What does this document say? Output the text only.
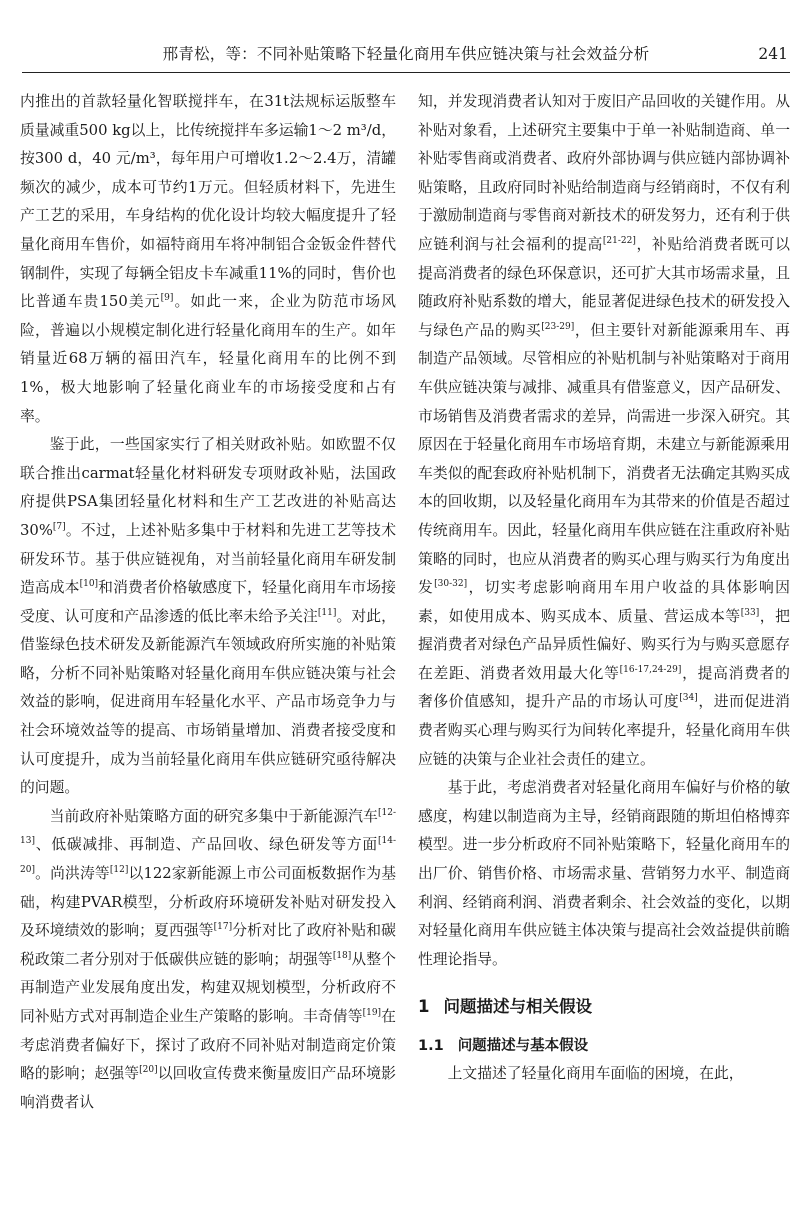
邢青松，等：不同补贴策略下轻量化商用车供应链决策与社会效益分析	241

内推出的首款轻量化智联搅拌车，在31t法规标运版整车质量减重500 kg以上，比传统搅拌车多运输1～2 m³/d，按300 d，40 元/m³，每年用户可增收1.2～2.4万，清罐频次的减少，成本可节约1万元。但轻质材料下，先进生产工艺的采用，车身结构的优化设计均较大幅度提升了轻量化商用车售价，如福特商用车将冲制铝合金钣金件替代钢制件，实现了每辆全铝皮卡车减重11%的同时，售价也比普通车贵150美元[9]。如此一来，企业为防范市场风险，普遍以小规模定制化进行轻量化商用车的生产。如年销量近68万辆的福田汽车，轻量化商用车的比例不到1%，极大地影响了轻量化商业车的市场接受度和占有率。

鉴于此，一些国家实行了相关财政补贴。如欧盟不仅联合推出carmat轻量化材料研发专项财政补贴，法国政府提供PSA集团轻量化材料和生产工艺改进的补贴高达30%[7]。不过，上述补贴多集中于材料和先进工艺等技术研发环节。基于供应链视角，对当前轻量化商用车研发制造高成本[10]和消费者价格敏感度下，轻量化商用车市场接受度、认可度和产品渗透的低比率未给予关注[11]。对此，借鉴绿色技术研发及新能源汽车领域政府所实施的补贴策略，分析不同补贴策略对轻量化商用车供应链决策与社会效益的影响，促进商用车轻量化水平、产品市场竞争力与社会环境效益等的提高、市场销量增加、消费者接受度和认可度提升，成为当前轻量化商用车供应链研究亟待解决的问题。

当前政府补贴策略方面的研究多集中于新能源汽车[12-13]、低碳减排、再制造、产品回收、绿色研发等方面[14-20]。尚洪涛等[12]以122家新能源上市公司面板数据作为基础，构建PVAR模型，分析政府环境研发补贴对研发投入及环境绩效的影响；夏西强等[17]分析对比了政府补贴和碳税政策二者分别对于低碳供应链的影响；胡强等[18]从整个再制造产业发展角度出发，构建双规划模型，分析政府不同补贴方式对再制造企业生产策略的影响。丰奇倩等[19]在考虑消费者偏好下，探讨了政府不同补贴对制造商定价策略的影响；赵强等[20]以回收宣传费来衡量废旧产品环境影响消费者认

知，并发现消费者认知对于废旧产品回收的关键作用。从补贴对象看，上述研究主要集中于单一补贴制造商、单一补贴零售商或消费者、政府外部协调与供应链内部协调补贴策略，且政府同时补贴给制造商与经销商时，不仅有利于激励制造商与零售商对新技术的研发努力，还有利于供应链利润与社会福利的提高[21-22]，补贴给消费者既可以提高消费者的绿色环保意识，还可扩大其市场需求量，且随政府补贴系数的增大，能显著促进绿色技术的研发投入与绿色产品的购买[23-29]，但主要针对新能源乘用车、再制造产品领域。尽管相应的补贴机制与补贴策略对于商用车供应链决策与减排、减重具有借鉴意义，因产品研发、市场销售及消费者需求的差异，尚需进一步深入研究。其原因在于轻量化商用车市场培育期，未建立与新能源乘用车类似的配套政府补贴机制下，消费者无法确定其购买成本的回收期，以及轻量化商用车为其带来的价值是否超过传统商用车。因此，轻量化商用车供应链在注重政府补贴策略的同时，也应从消费者的购买心理与购买行为角度出发[30-32]，切实考虑影响商用车用户收益的具体影响因素，如使用成本、购买成本、质量、营运成本等[33]，把握消费者对绿色产品异质性偏好、购买行为与购买意愿存在差距、消费者效用最大化等[16-17,24-29]，提高消费者的奢侈价值感知，提升产品的市场认可度[34]，进而促进消费者购买心理与购买行为间转化率提升，轻量化商用车供应链的决策与企业社会责任的建立。

基于此，考虑消费者对轻量化商用车偏好与价格的敏感度，构建以制造商为主导，经销商跟随的斯坦伯格博弈模型。进一步分析政府不同补贴策略下，轻量化商用车的出厂价、销售价格、市场需求量、营销努力水平、制造商利润、经销商利润、消费者剩余、社会效益的变化，以期对轻量化商用车供应链主体决策与提高社会效益提供前瞻性理论指导。

1 问题描述与相关假设
1.1 问题描述与基本假设

上文描述了轻量化商用车面临的困境，在此，
